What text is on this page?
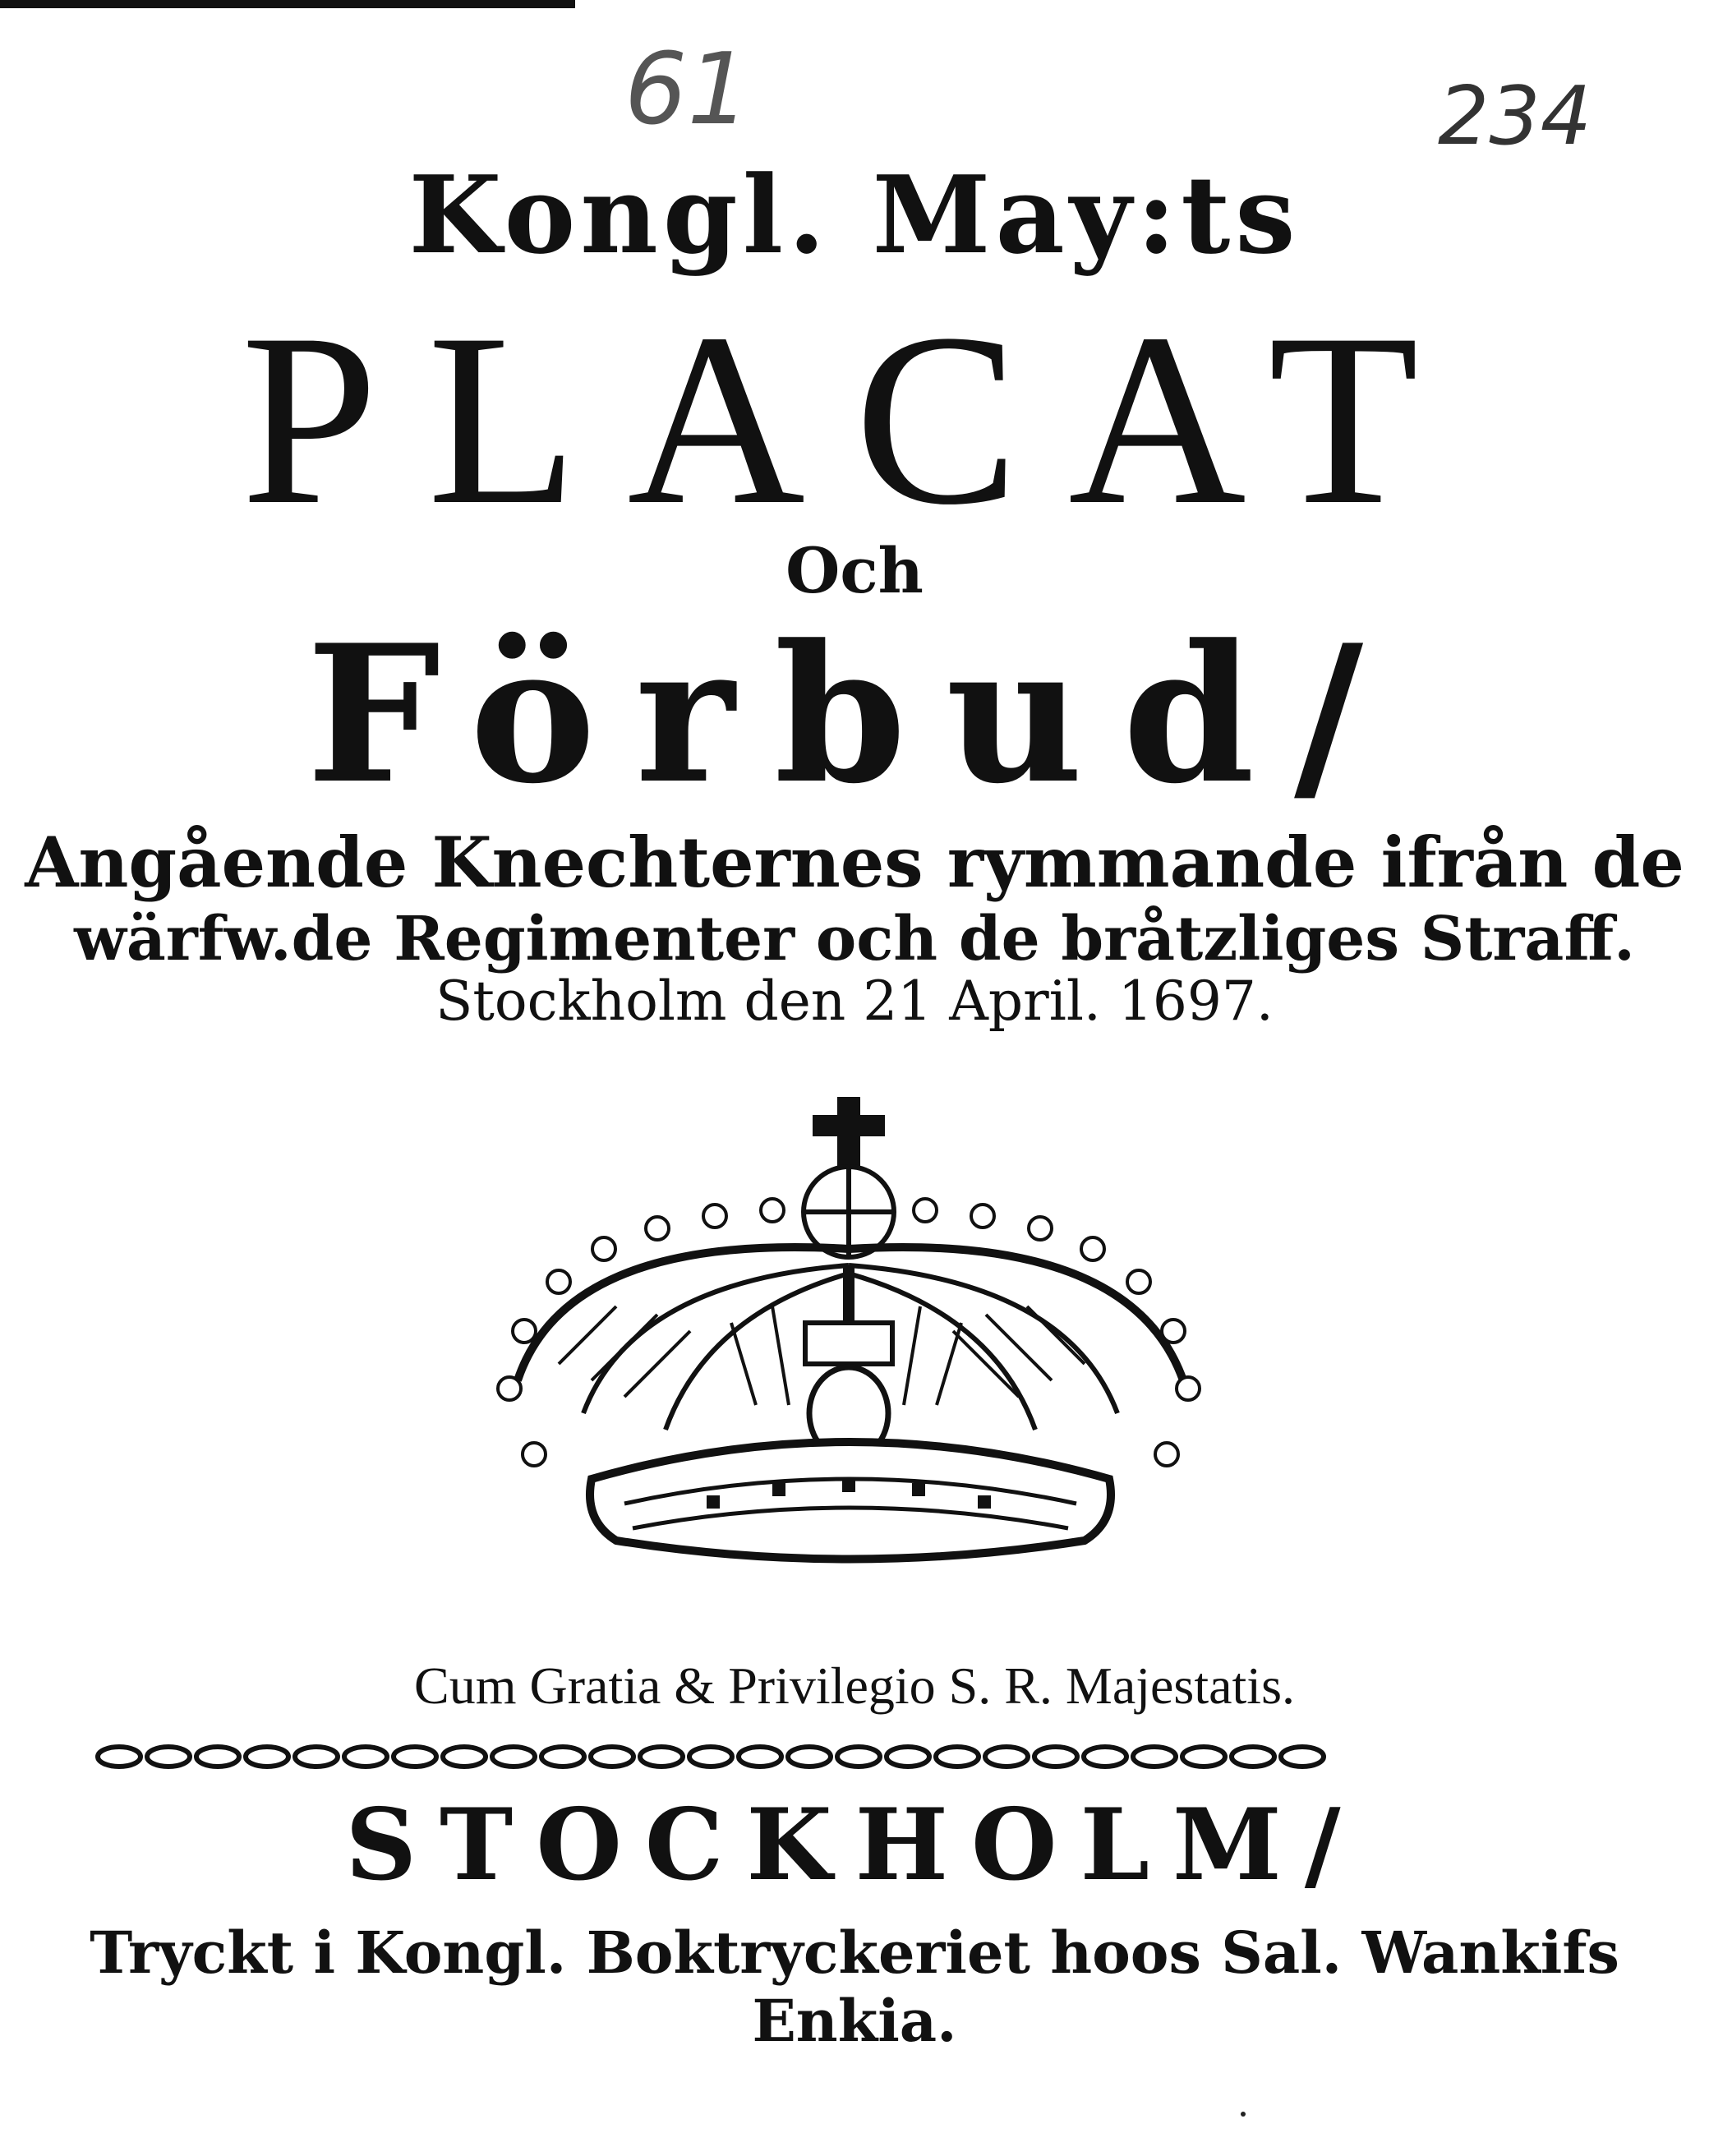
61	234
Kongl. May:ts
PLACAT
Och
Förbud/
Angående Knechternes rymmande ifrån de
wärfw.de Regimenter och de bråtzliges Straff.
Stockholm den 21 April. 1697.
Cum Gratia & Privilegio S. R. Majestatis.
STOCKHOLM/
Tryckt i Kongl. Boktryckeriet hoos Sal. Wankifs Enkia.
